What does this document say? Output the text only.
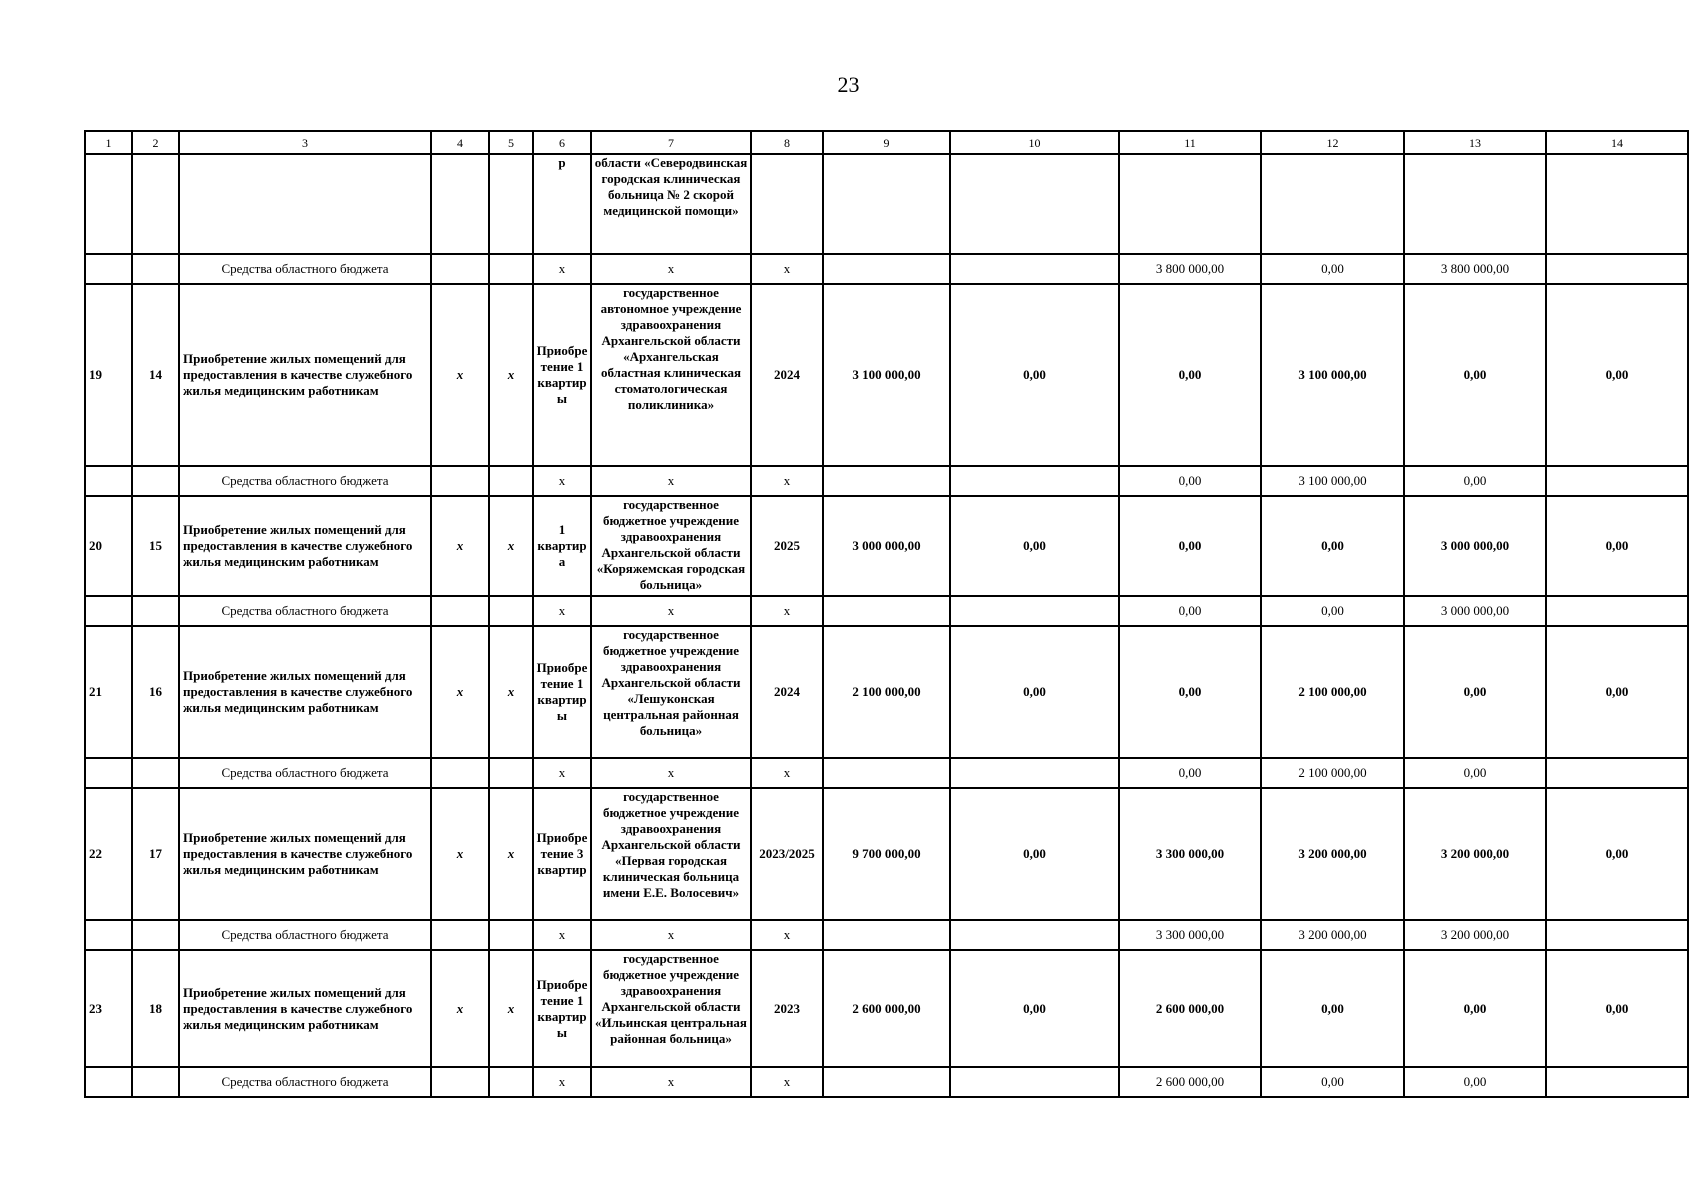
23
1	2	3	4	5	6	7	8	9	10	11	12	13	14
					р	области «Северодвинская городская клиническая больница № 2 скорой медицинской помощи»							
		Средства областного бюджета			х	х	х			3 800 000,00	0,00	3 800 000,00	
19	14	Приобретение жилых помещений для предоставления в качестве служебного жилья медицинским работникам	х	х	Приобретение 1 квартиры	государственное автономное учреждение здравоохранения Архангельской области «Архангельская областная клиническая стоматологическая поликлиника»	2024	3 100 000,00	0,00	0,00	3 100 000,00	0,00	0,00
		Средства областного бюджета			х	х	х			0,00	3 100 000,00	0,00	
20	15	Приобретение жилых помещений для предоставления в качестве служебного жилья медицинским работникам	х	х	1 квартира	государственное бюджетное учреждение здравоохранения Архангельской области «Коряжемская городская больница»	2025	3 000 000,00	0,00	0,00	0,00	3 000 000,00	0,00
		Средства областного бюджета			х	х	х			0,00	0,00	3 000 000,00	
21	16	Приобретение жилых помещений для предоставления в качестве служебного жилья медицинским работникам	х	х	Приобретение 1 квартиры	государственное бюджетное учреждение здравоохранения Архангельской области «Лешуконская центральная районная больница»	2024	2 100 000,00	0,00	0,00	2 100 000,00	0,00	0,00
		Средства областного бюджета			х	х	х			0,00	2 100 000,00	0,00	
22	17	Приобретение жилых помещений для предоставления в качестве служебного жилья медицинским работникам	х	х	Приобретение 3 квартир	государственное бюджетное учреждение здравоохранения Архангельской области «Первая городская клиническая больница имени Е.Е. Волосевич»	2023/2025	9 700 000,00	0,00	3 300 000,00	3 200 000,00	3 200 000,00	0,00
		Средства областного бюджета			х	х	х			3 300 000,00	3 200 000,00	3 200 000,00	
23	18	Приобретение жилых помещений для предоставления в качестве служебного жилья медицинским работникам	х	х	Приобретение 1 квартиры	государственное бюджетное учреждение здравоохранения Архангельской области «Ильинская центральная районная больница»	2023	2 600 000,00	0,00	2 600 000,00	0,00	0,00	0,00
		Средства областного бюджета			х	х	х			2 600 000,00	0,00	0,00	
